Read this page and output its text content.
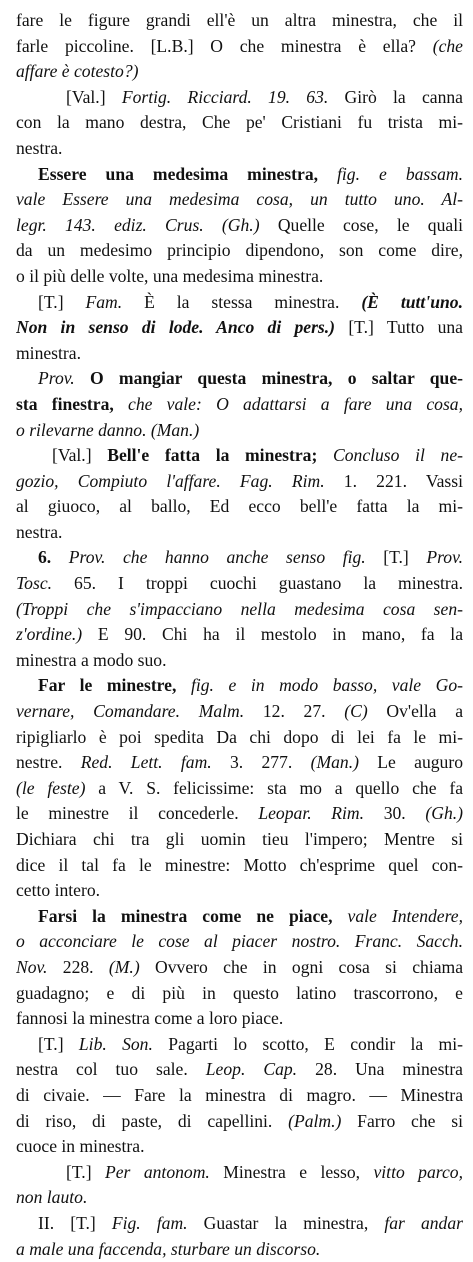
fare le figure grandi ell'è un altra minestra, che il
farle piccoline. [L.B.] O che minestra è ella? (che
affare è cotesto?)
[Val.] Fortig. Ricciard. 19. 63. Girò la canna
con la mano destra, Che pe' Cristiani fu trista mi-
nestra.
Essere una medesima minestra, fig. e bassam.
vale Essere una medesima cosa, un tutto uno. Al-
legr. 143. ediz. Crus. (Gh.) Quelle cose, le quali
da un medesimo principio dipendono, son come dire,
o il più delle volte, una medesima minestra.
[T.] Fam. È la stessa minestra. (È tutt'uno.
Non in senso di lode. Anco di pers.) [T.] Tutto una
minestra.
Prov. O mangiar questa minestra, o saltar que-
sta finestra, che vale: O adattarsi a fare una cosa,
o rilevarne danno. (Man.)
[Val.] Bell'e fatta la minestra; Concluso il ne-
gozio, Compiuto l'affare. Fag. Rim. 1. 221. Vassi
al giuoco, al ballo, Ed ecco bell'e fatta la mi-
nestra.
6. Prov. che hanno anche senso fig. [T.] Prov.
Tosc. 65. I troppi cuochi guastano la minestra.
(Troppi che s'impacciano nella medesima cosa sen-
z'ordine.) E 90. Chi ha il mestolo in mano, fa la
minestra a modo suo.
Far le minestre, fig. e in modo basso, vale Go-
vernare, Comandare. Malm. 12. 27. (C) Ov'ella a
ripigliarlo è poi spedita Da chi dopo di lei fa le mi-
nestre. Red. Lett. fam. 3. 277. (Man.) Le auguro
(le feste) a V. S. felicissime: sta mo a quello che fa
le minestre il concederle. Leopar. Rim. 30. (Gh.)
Dichiara chi tra gli uomin tieu l'impero; Mentre si
dice il tal fa le minestre: Motto ch'esprime quel con-
cetto intero.
Farsi la minestra come ne piace, vale Intendere,
o acconciare le cose al piacer nostro. Franc. Sacch.
Nov. 228. (M.) Ovvero che in ogni cosa si chiama
guadagno; e di più in questo latino trascorrono, e
fannosi la minestra come a loro piace.
[T.] Lib. Son. Pagarti lo scotto, E condir la mi-
nestra col tuo sale. Leop. Cap. 28. Una minestra
di civaie. — Fare la minestra di magro. — Minestra
di riso, di paste, di capellini. (Palm.) Farro che si
cuoce in minestra.
[T.] Per antonom. Minestra e lesso, vitto parco,
non lauto.
II. [T.] Fig. fam. Guastar la minestra, far andar
a male una faccenda, sturbare un discorso.
